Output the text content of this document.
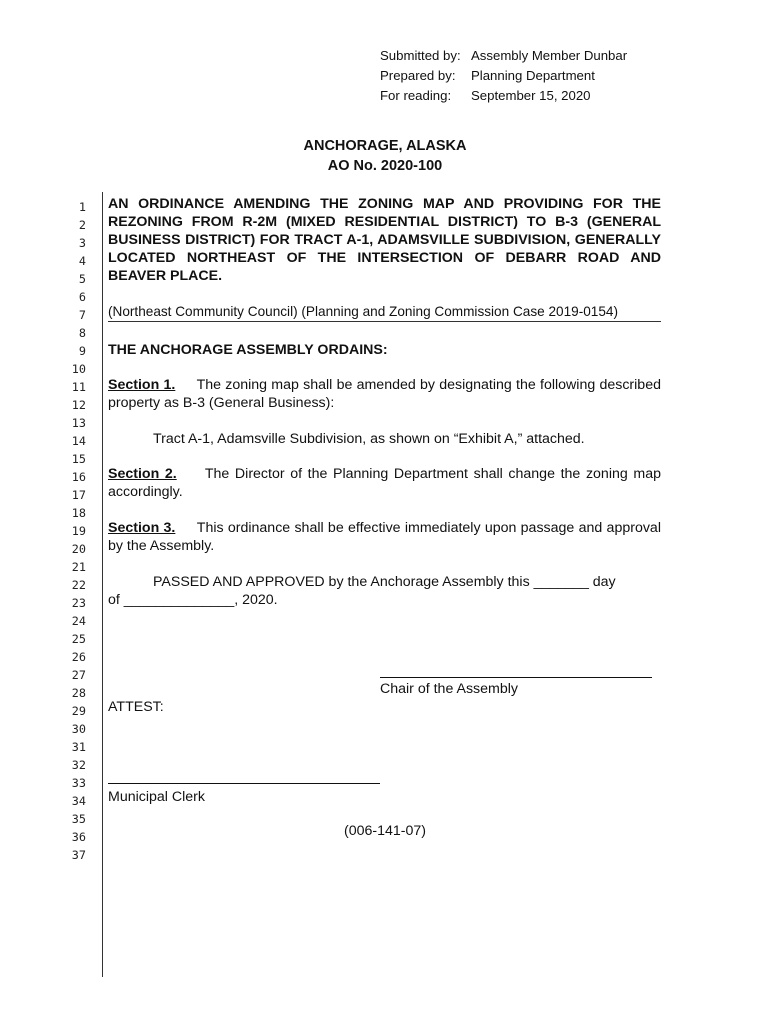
Submitted by: Assembly Member Dunbar
Prepared by:	Planning Department
For reading:	September 15, 2020
ANCHORAGE, ALASKA
AO No. 2020-100
1
2
3
4
5
6
7
8
9
10
11
12
13
14
15
16
17
18
19
20
21
22
23
24
25
26
27
28
29
30
31
32
33
34
35
36
37
AN ORDINANCE AMENDING THE ZONING MAP AND PROVIDING FOR THE REZONING FROM R-2M (MIXED RESIDENTIAL DISTRICT) TO B-3 (GENERAL BUSINESS DISTRICT) FOR TRACT A-1, ADAMSVILLE SUBDIVISION, GENERALLY LOCATED NORTHEAST OF THE INTERSECTION OF DEBARR ROAD AND BEAVER PLACE.
(Northeast Community Council) (Planning and Zoning Commission Case 2019-0154)
THE ANCHORAGE ASSEMBLY ORDAINS:
Section 1. The zoning map shall be amended by designating the following described property as B-3 (General Business):
Tract A-1, Adamsville Subdivision, as shown on “Exhibit A,” attached.
Section 2. The Director of the Planning Department shall change the zoning map accordingly.
Section 3. This ordinance shall be effective immediately upon passage and approval by the Assembly.
PASSED AND APPROVED by the Anchorage Assembly this _______ day
of ______________, 2020.
Chair of the Assembly
ATTEST:
Municipal Clerk
(006-141-07)
